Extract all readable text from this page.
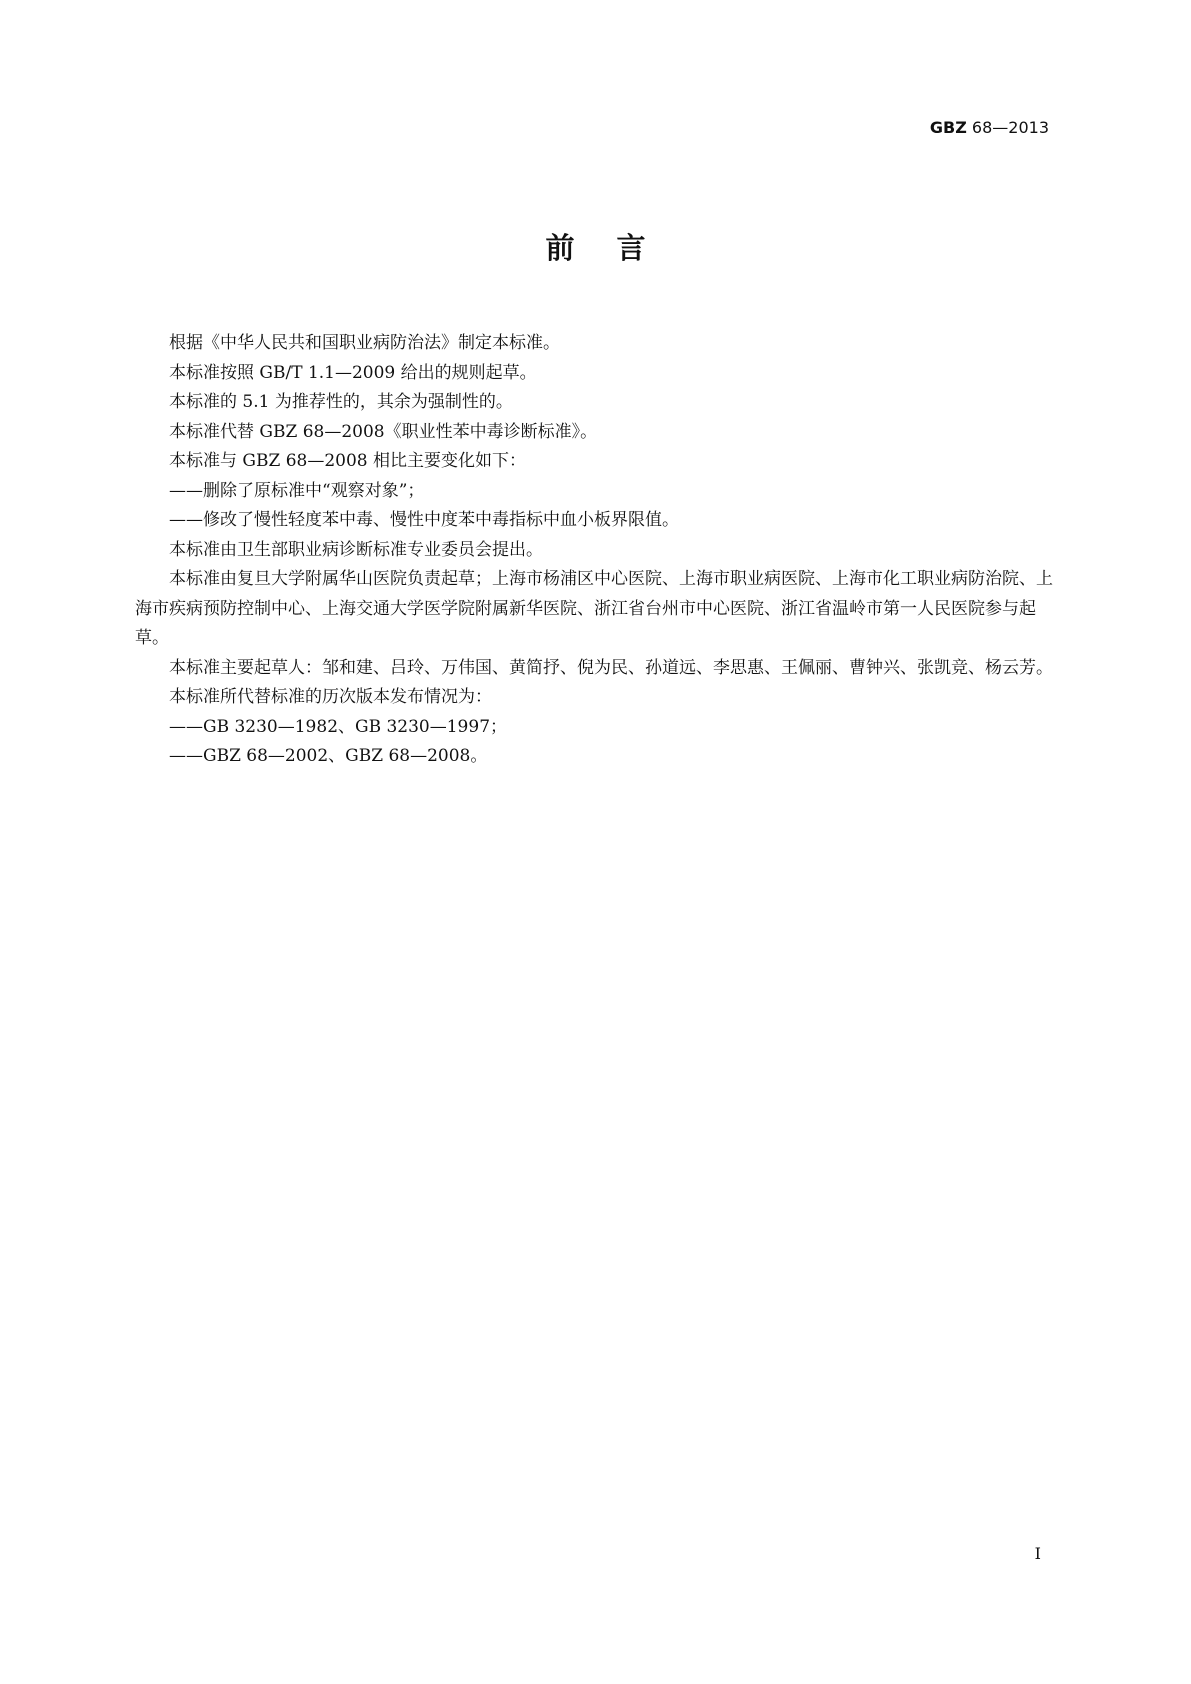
GBZ 68—2013
前言

根据《中华人民共和国职业病防治法》制定本标准。

本标准按照 GB/T 1.1—2009 给出的规则起草。

本标准的 5.1 为推荐性的，其余为强制性的。

本标准代替 GBZ 68—2008《职业性苯中毒诊断标准》。

本标准与 GBZ 68—2008 相比主要变化如下：

——删除了原标准中“观察对象”；

——修改了慢性轻度苯中毒、慢性中度苯中毒指标中血小板界限值。

本标准由卫生部职业病诊断标准专业委员会提出。

本标准由复旦大学附属华山医院负责起草；上海市杨浦区中心医院、上海市职业病医院、上海市化工职业病防治院、上海市疾病预防控制中心、上海交通大学医学院附属新华医院、浙江省台州市中心医院、浙江省温岭市第一人民医院参与起草。

本标准主要起草人：邹和建、吕玲、万伟国、黄简抒、倪为民、孙道远、李思惠、王佩丽、曹钟兴、张凯竞、杨云芳。

本标准所代替标准的历次版本发布情况为：

——GB 3230—1982、GB 3230—1997；

——GBZ 68—2002、GBZ 68—2008。

I
